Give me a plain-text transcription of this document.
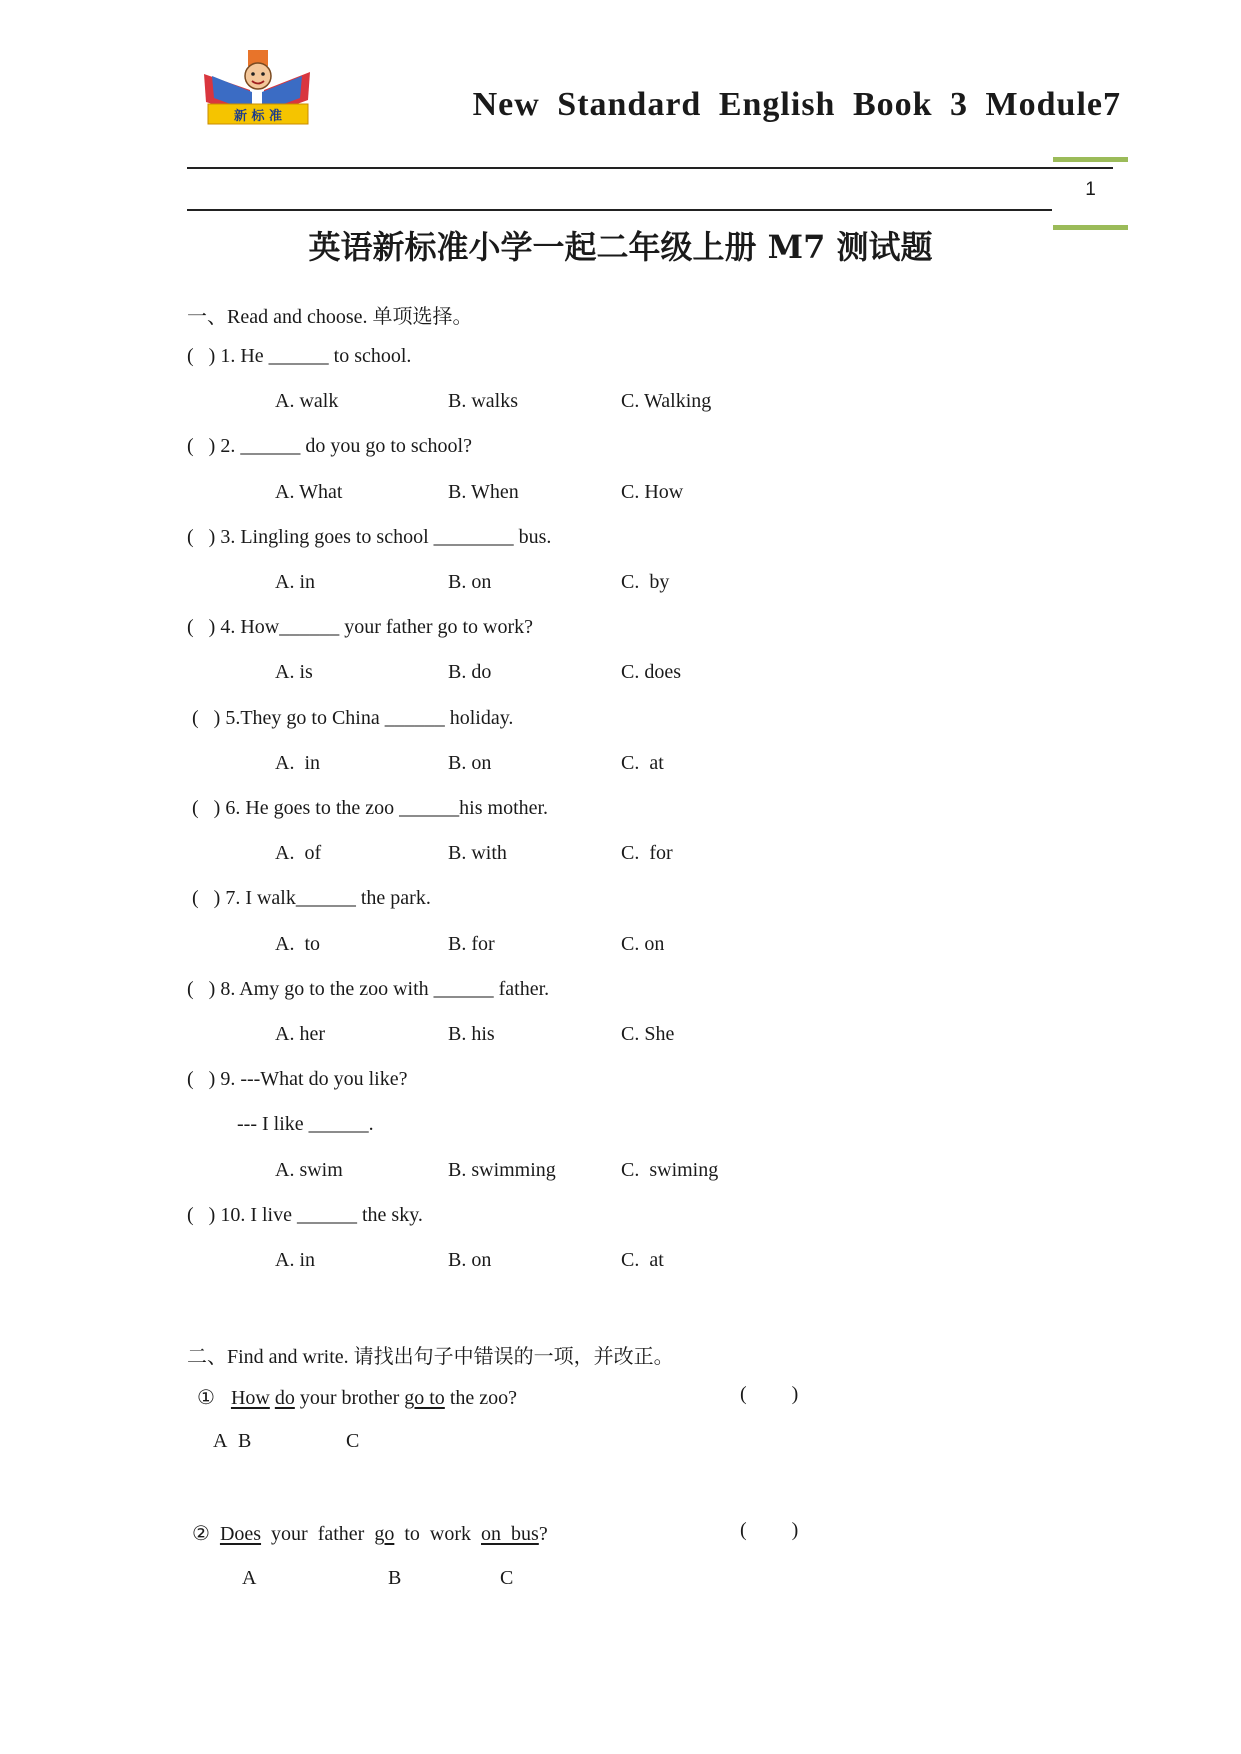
新 标 准	New Standard English Book 3 Module7
1
英语新标准小学一起二年级上册 M7 测试题
一、Read and choose. 单项选择。
(   ) 1. He ______ to school.
A. walk	B. walks	C. Walking
(   ) 2. ______ do you go to school?
A. What	B. When	C. How
(   ) 3. Lingling goes to school ________ bus.
A. in	B. on	C.  by
(   ) 4. How______ your father go to work?
A. is	B. do	C. does
(   ) 5.They go to China ______ holiday.
A.  in	B. on	C.  at
(   ) 6. He goes to the zoo ______his mother.
A.  of	B. with	C.  for
(   ) 7. I walk______ the park.
A.  to	B. for	C. on
(   ) 8. Amy go to the zoo with ______ father.
A. her	B. his	C. She
(   ) 9. ---What do you like?
--- I like ______.
A. swim	B. swimming	C.  swiming
(   ) 10. I live ______ the sky.
A. in	B. on	C.  at
二、Find and write. 请找出句子中错误的一项，并改正。
① How do your brother go to the zoo?	(         )
A B	C
② Does  your  father  go  to  work  on  bus?	(         )
A	B	C
